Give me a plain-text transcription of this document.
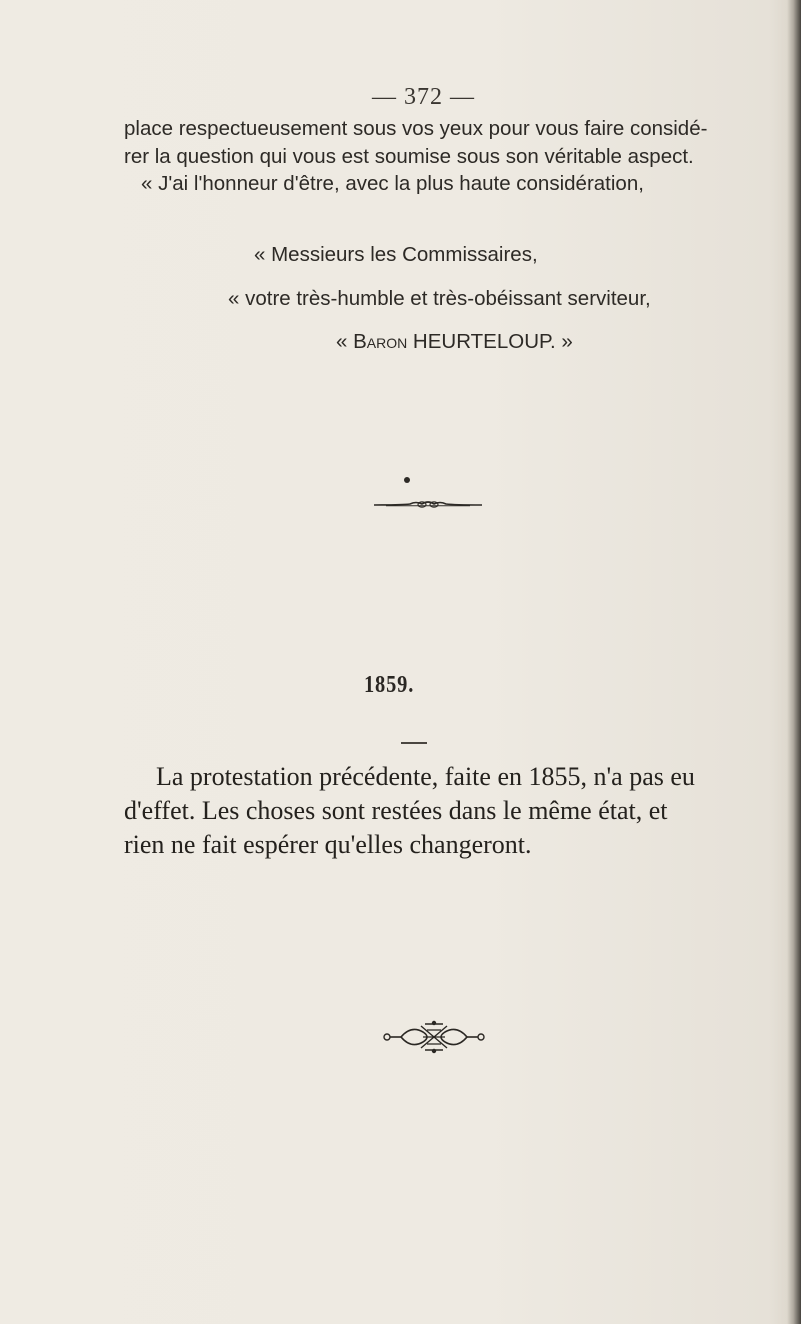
— 372 —
place respectueusement sous vos yeux pour vous faire considé-
rer la question qui vous est soumise sous son véritable aspect.
« J'ai l'honneur d'être, avec la plus haute considération,
« Messieurs les Commissaires,
« votre très-humble et très-obéissant serviteur,
« Baron HEURTELOUP. »
1859.
La protestation précédente, faite en 1855, n'a pas eu
d'effet. Les choses sont restées dans le même état, et
rien ne fait espérer qu'elles changeront.
